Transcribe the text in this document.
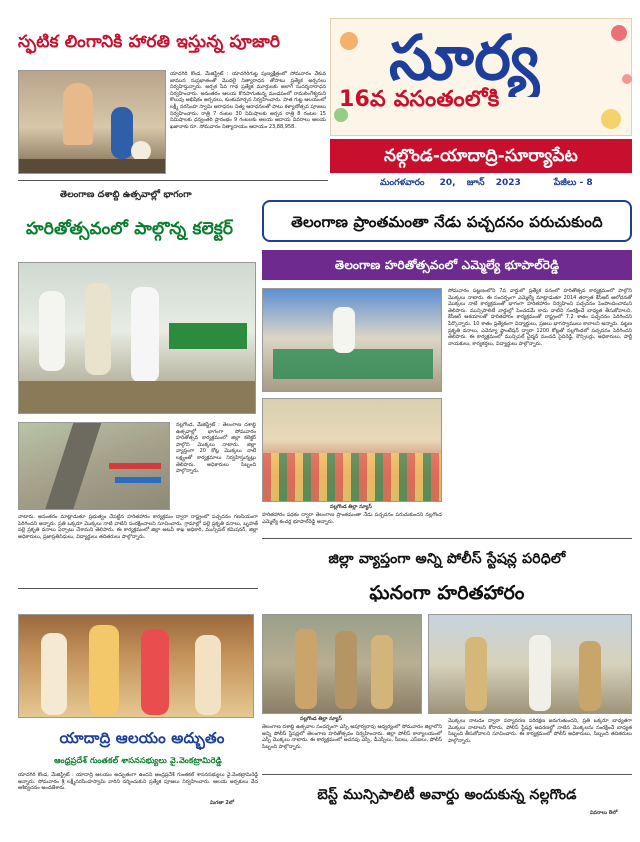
సూర్య
16వ వసంతంలోకి
నల్గొండ-యాదాద్రి-సూర్యాపేట
మంగళవారం 20, జూన్ 2023	పేజీలు - 8
స్ఫటిక లింగానికి హారతి ఇస్తున్న పూజారి
యాదగిరి కొండ, మేజిస్ట్రేట్ : యాదగిరిగుట్ట పుణ్యక్షేత్రంలో సోమవారం వేకువ జామున సుప్రభాతంతో మొదలై నిత్యారాధన తోపాటు ప్రత్యేక అర్చనలు నిర్వహిస్తున్నారు. అర్చక సేవ గాథ ప్రత్యేక మూర్తులకు అలాగే సుదర్శనారాధన నిర్వహించారు. అనంతరం ఆలయ కొనసాగుతున్న మండపంలో రామలింగేశ్వరుని కొలువు అభిషేకం అర్చనలు, కుంకుమార్చన నిర్వహించారు. పాత గుట్ట ఆలయంలో లక్ష్మీ నరసింహ స్వామి ఆరాధనల నిత్య ఆరాధనలతో పాటు కళ్యాణోత్సవ పూజలు నిర్వహించారు. రాత్రి 7 గంటల 30 నిమిషాలకు అర్చన రాత్రి 8 గంటల 15 నిమిషాలకు ధన్వంతరి ప్రారంభం 9 గంటలకు ఆలయ ఆదాయ వివరాలు ఆలయ ఖజానాకు రూ. సోమవారం నిత్యాదాయం ఆదాయం 23,88,958.
తెలంగాణ దశాబ్ది ఉత్సవాల్లో భాగంగా
హరితోత్సవంలో పాల్గొన్న కలెక్టర్
నల్లగొండ, మేజిస్ట్రేట్ : తెలంగాణ దశాబ్ది ఉత్సవాల్లో భాగంగా సోమవారం హరితోత్సవ కార్యక్రమంలో జిల్లా కలెక్టర్ పాల్గొని మొక్కలు నాటారు. జిల్లా వ్యాప్తంగా 20 కోట్ల మొక్కలు నాటే లక్ష్యంతో కార్యక్రమాలు నిర్వహిస్తున్నట్లు తెలిపారు. అధికారులు సిబ్బంది పాల్గొన్నారు.
నాటారు. అనంతరం మాట్లాడుతూ ప్రభుత్వం చేపట్టిన హరితహారం కార్యక్రమం ద్వారా రాష్ట్రంలో పచ్చదనం గణనీయంగా పెరిగిందని అన్నారు. ప్రతి ఒక్కరూ మొక్కలు నాటి వాటిని సంరక్షించాలని సూచించారు. గ్రామాల్లో పల్లె ప్రకృతి వనాలు, బృహత్ పల్లె ప్రకృతి వనాలు ఏర్పాటు చేశామని తెలిపారు. ఈ కార్యక్రమంలో జిల్లా అటవీ శాఖ అధికారి, మున్సిపల్ కమిషనర్, జిల్లా అధికారులు, ప్రజాప్రతినిధులు, విద్యార్థులు తదితరులు పాల్గొన్నారు.
యాదాద్రి ఆలయం అద్భుతం
ఆంధ్రప్రదేశ్ గుంతకల్ శాసనసభ్యులు వై.వెంకట్రామిరెడ్డి
యాదగిరి కొండ, మేజిస్ట్రేట్ : యాదాద్రి ఆలయం అద్భుతంగా ఉందని ఆంధ్రప్రదేశ్ గుంతకల్ శాసనసభ్యులు వై.వెంకట్రామిరెడ్డి అన్నారు. సోమవారం శ్రీ లక్ష్మీనరసింహస్వామి వారిని దర్శించుకుని ప్రత్యేక పూజలు నిర్వహించారు. ఆలయ అర్చకులు వేద ఆశీర్వచనం అందజేశారు.
మిగతా 2లో
తెలంగాణ ప్రాంతమంతా నేడు పచ్చదనం పరుచుకుంది
తెలంగాణ హరితోత్సవంలో ఎమ్మెల్యే భూపాల్‌రెడ్డి
నల్లగొండ తిల్లా న్యూస్
హరితహారం పథకం ద్వారా తెలంగాణ ప్రాంతమంతా నేడు పచ్చదనం పరుచుకుందని నల్లగొండ ఎమ్మెల్యే కంచర్ల భూపాల్‌రెడ్డి అన్నారు.
సోమవారం పట్టణంలోని 7వ వార్డులో ప్రత్యేక వనంలో హరితోత్సవ కార్యక్రమంలో పాల్గొని మొక్కలు నాటారు. ఈ సందర్భంగా ఎమ్మెల్యే మాట్లాడుతూ 2014 తర్వాత కేసీఆర్ ఆలోచనతో మొక్కలు నాటే కార్యక్రమంతో భాగంగా హరితహారం నిర్వహించి పచ్చదనం పెంపొందించామని తెలిపారు. మున్సిపాలిటీ వార్డుల్లో పెంచడమే కాదు వాటిని సంరక్షించే బాధ్యత తీసుకోవాలని, కేసీఆర్ ఆశయాలతో హరితహారం కార్యక్రమంతో రాష్ట్రంలో 7.2 శాతం పచ్చదనం పెరిగిందని పేర్కొన్నారు. 10 శాతం ప్రత్యేకంగా విద్యార్థులు, ప్రజలు భాగస్వాములు కావాలని అన్నారు. పట్టణ ప్రకృతి వనాలు, ఎవెన్యూ ప్లాంటేషన్ ద్వారా 1200 కోట్లతో నల్లగొండలో పచ్చదనం పెరిగిందని తెలిపారు. ఈ కార్యక్రమంలో మున్సిపల్ చైర్మన్ మందడి సైదిరెడ్డి, కౌన్సిలర్లు, అధికారులు, పార్టీ నాయకులు, కార్యకర్తలు, విద్యార్థులు పాల్గొన్నారు.
జిల్లా వ్యాప్తంగా అన్ని పోలీస్ స్టేషన్ల పరిధిలో
ఘనంగా హరితహారం
నల్లగొండ తిల్లా న్యూస్
తెలంగాణ దశాబ్ది ఉత్సవాల సందర్భంగా ఎస్పీ అపూర్వరావు ఆధ్వర్యంలో సోమవారం జిల్లాలోని అన్ని పోలీస్ స్టేషన్లలో తెలంగాణ హరితోత్సవం నిర్వహించారు. జిల్లా పోలీస్ కార్యాలయంలో ఎస్పీ మొక్కలు నాటారు. ఈ కార్యక్రమంలో అదనపు ఎస్పీ, డీఎస్పీలు, సీఐలు, ఎస్ఐలు, పోలీస్ సిబ్బంది పాల్గొన్నారు.
మొక్కలు నాటడం ద్వారా పర్యావరణ పరిరక్షణ జరుగుతుందని, ప్రతి ఒక్కరూ బాధ్యతగా మొక్కలు నాటాలని కోరారు. పోలీస్ స్టేషన్ల ఆవరణల్లో నాటిన మొక్కలను సంరక్షించే బాధ్యత సిబ్బంది తీసుకోవాలని సూచించారు. ఈ కార్యక్రమంలో పోలీస్ అధికారులు, సిబ్బంది తదితరులు పాల్గొన్నారు.
బెస్ట్ మున్సిపాలిటీ అవార్డు అందుకున్న నల్లగొండ
వివరాలు 8లో
